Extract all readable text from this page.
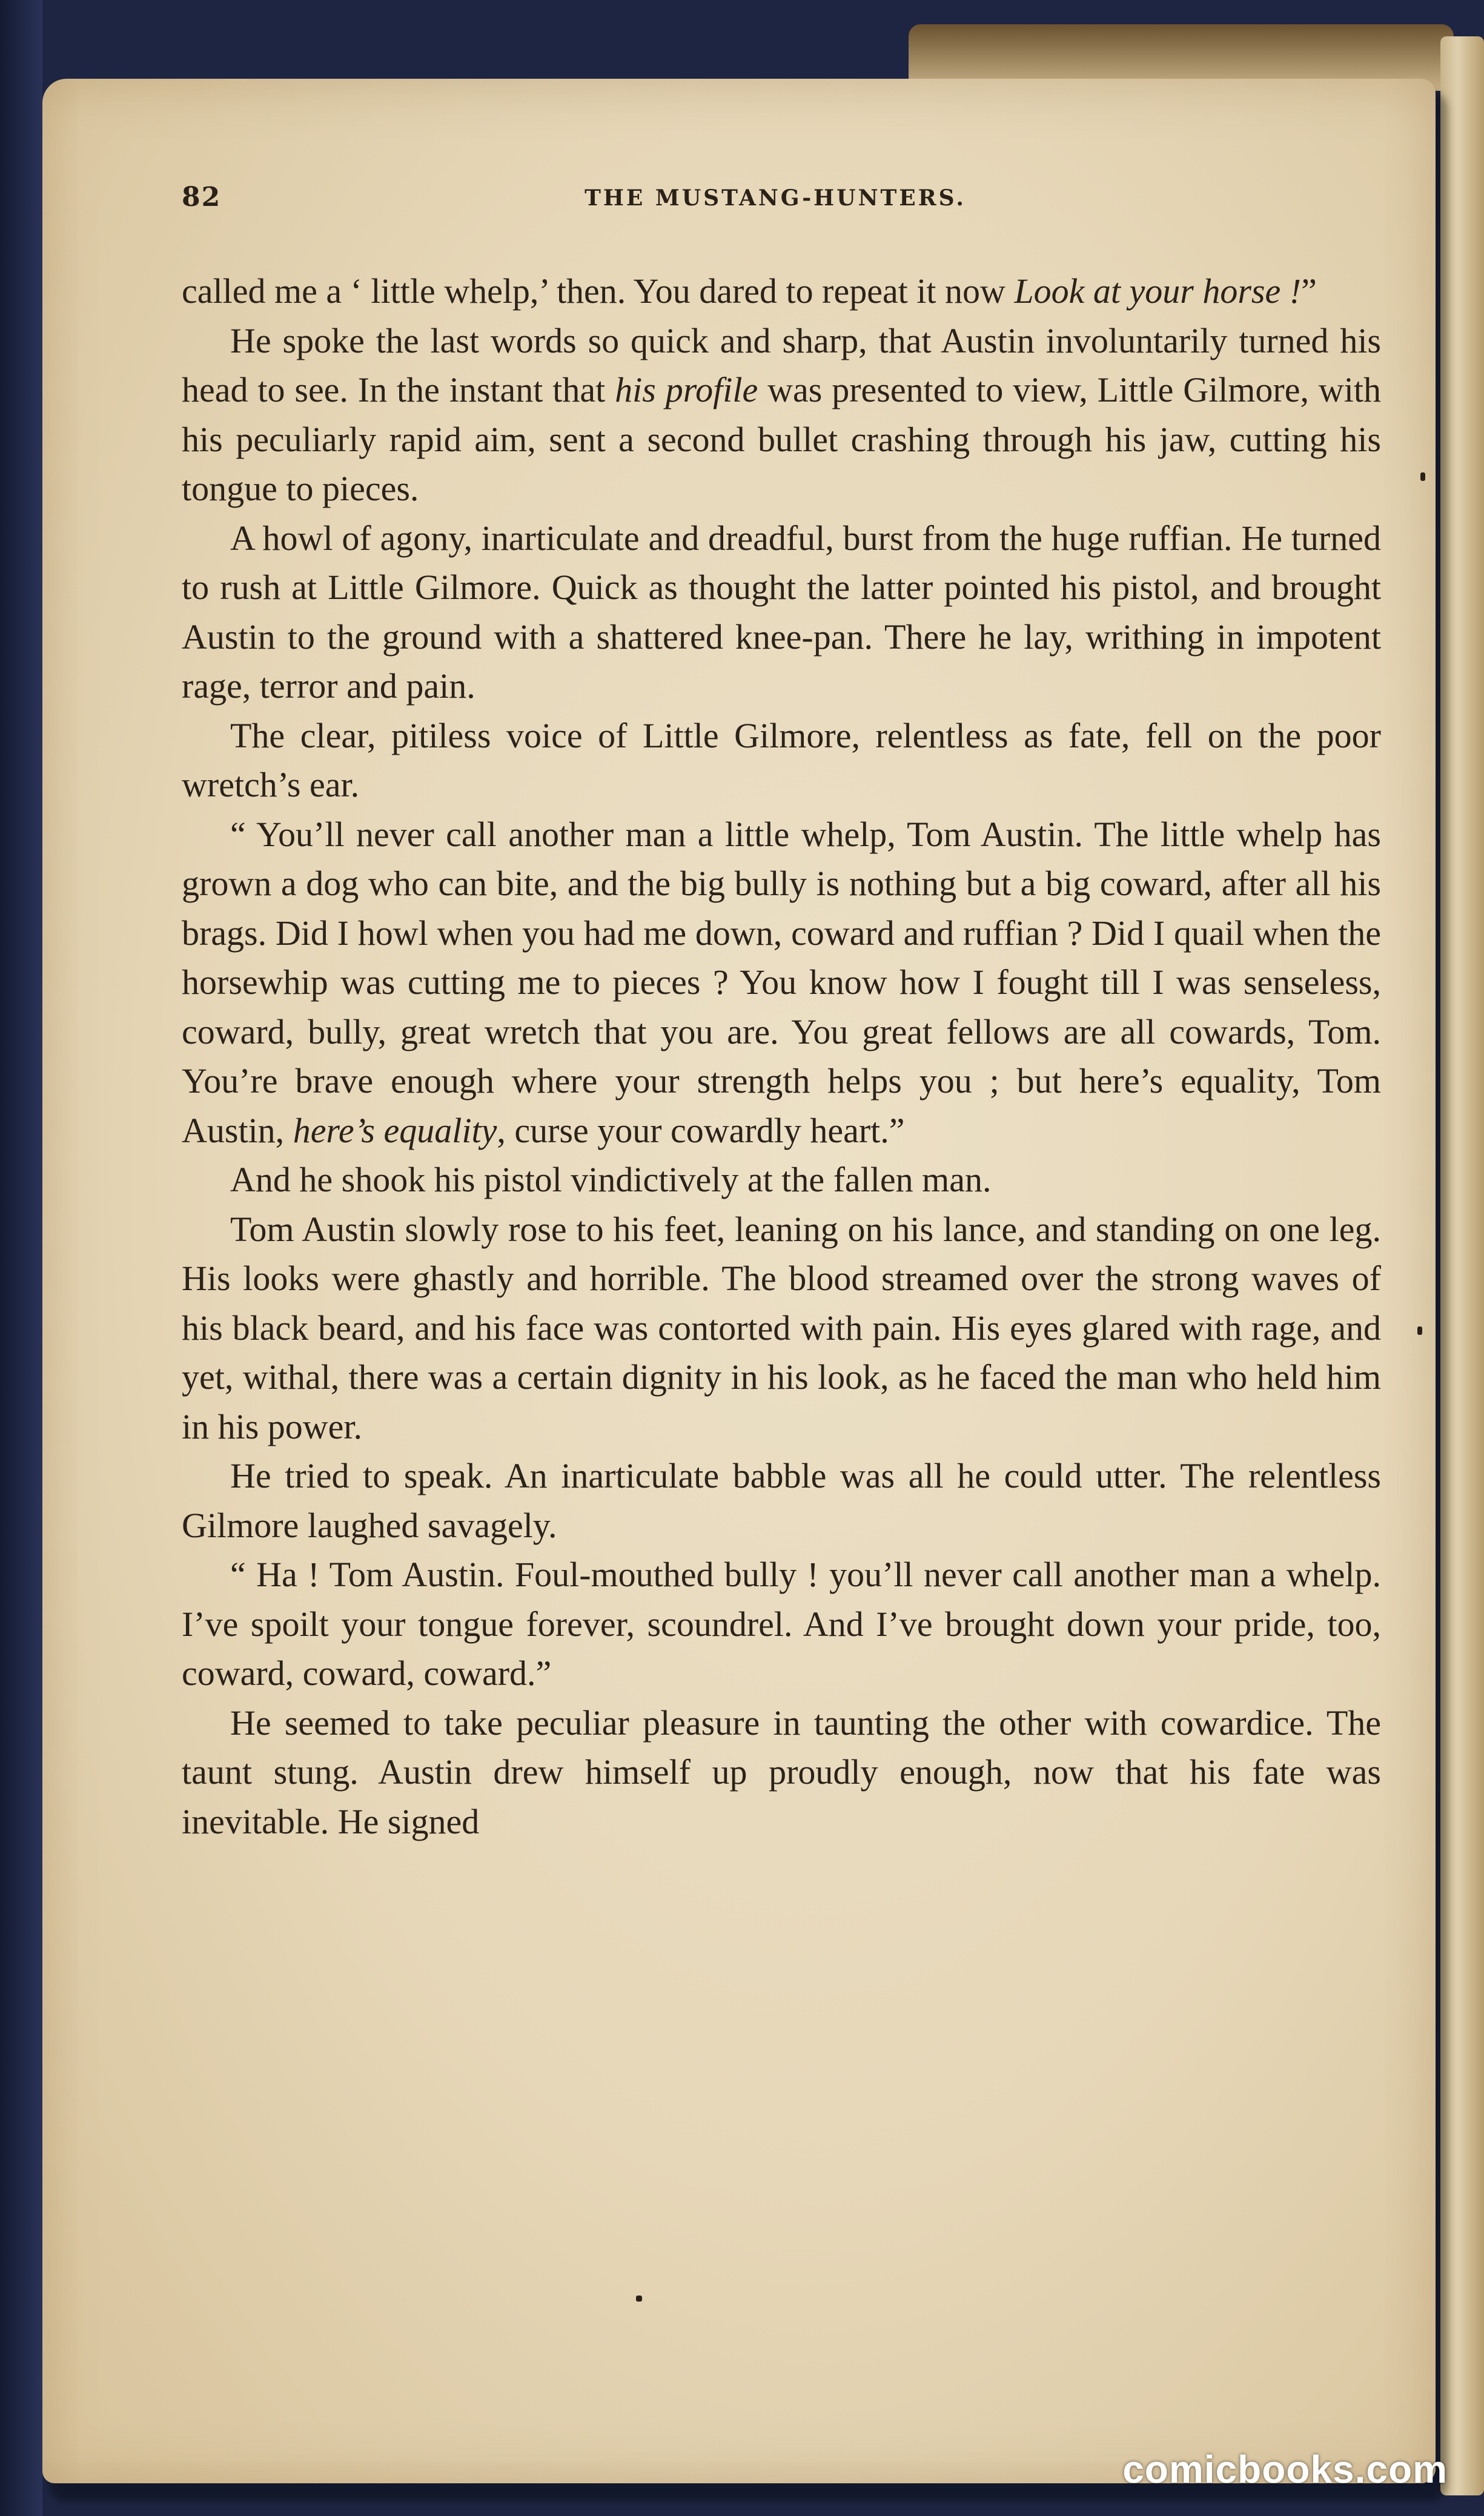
82	THE MUSTANG-HUNTERS.

called me a ‘ little whelp,’ then. You dared to repeat it now Look at your horse !”

He spoke the last words so quick and sharp, that Austin involuntarily turned his head to see. In the instant that his profile was presented to view, Little Gilmore, with his peculiarly rapid aim, sent a second bullet crashing through his jaw, cutting his tongue to pieces.

A howl of agony, inarticulate and dreadful, burst from the huge ruffian. He turned to rush at Little Gilmore. Quick as thought the latter pointed his pistol, and brought Austin to the ground with a shattered knee-pan. There he lay, writhing in impotent rage, terror and pain.

The clear, pitiless voice of Little Gilmore, relentless as fate, fell on the poor wretch’s ear.

“ You’ll never call another man a little whelp, Tom Austin. The little whelp has grown a dog who can bite, and the big bully is nothing but a big coward, after all his brags. Did I howl when you had me down, coward and ruffian ? Did I quail when the horsewhip was cutting me to pieces ? You know how I fought till I was senseless, coward, bully, great wretch that you are. You great fellows are all cowards, Tom. You’re brave enough where your strength helps you ; but here’s equality, Tom Austin, here’s equality, curse your cowardly heart.”

And he shook his pistol vindictively at the fallen man.

Tom Austin slowly rose to his feet, leaning on his lance, and standing on one leg. His looks were ghastly and horrible. The blood streamed over the strong waves of his black beard, and his face was contorted with pain. His eyes glared with rage, and yet, withal, there was a certain dignity in his look, as he faced the man who held him in his power.

He tried to speak. An inarticulate babble was all he could utter. The relentless Gilmore laughed savagely.

“ Ha ! Tom Austin. Foul-mouthed bully ! you’ll never call another man a whelp. I’ve spoilt your tongue forever, scoundrel. And I’ve brought down your pride, too, coward, coward, coward.”

He seemed to take peculiar pleasure in taunting the other with cowardice. The taunt stung. Austin drew himself up proudly enough, now that his fate was inevitable. He signed

comicbooks.com
